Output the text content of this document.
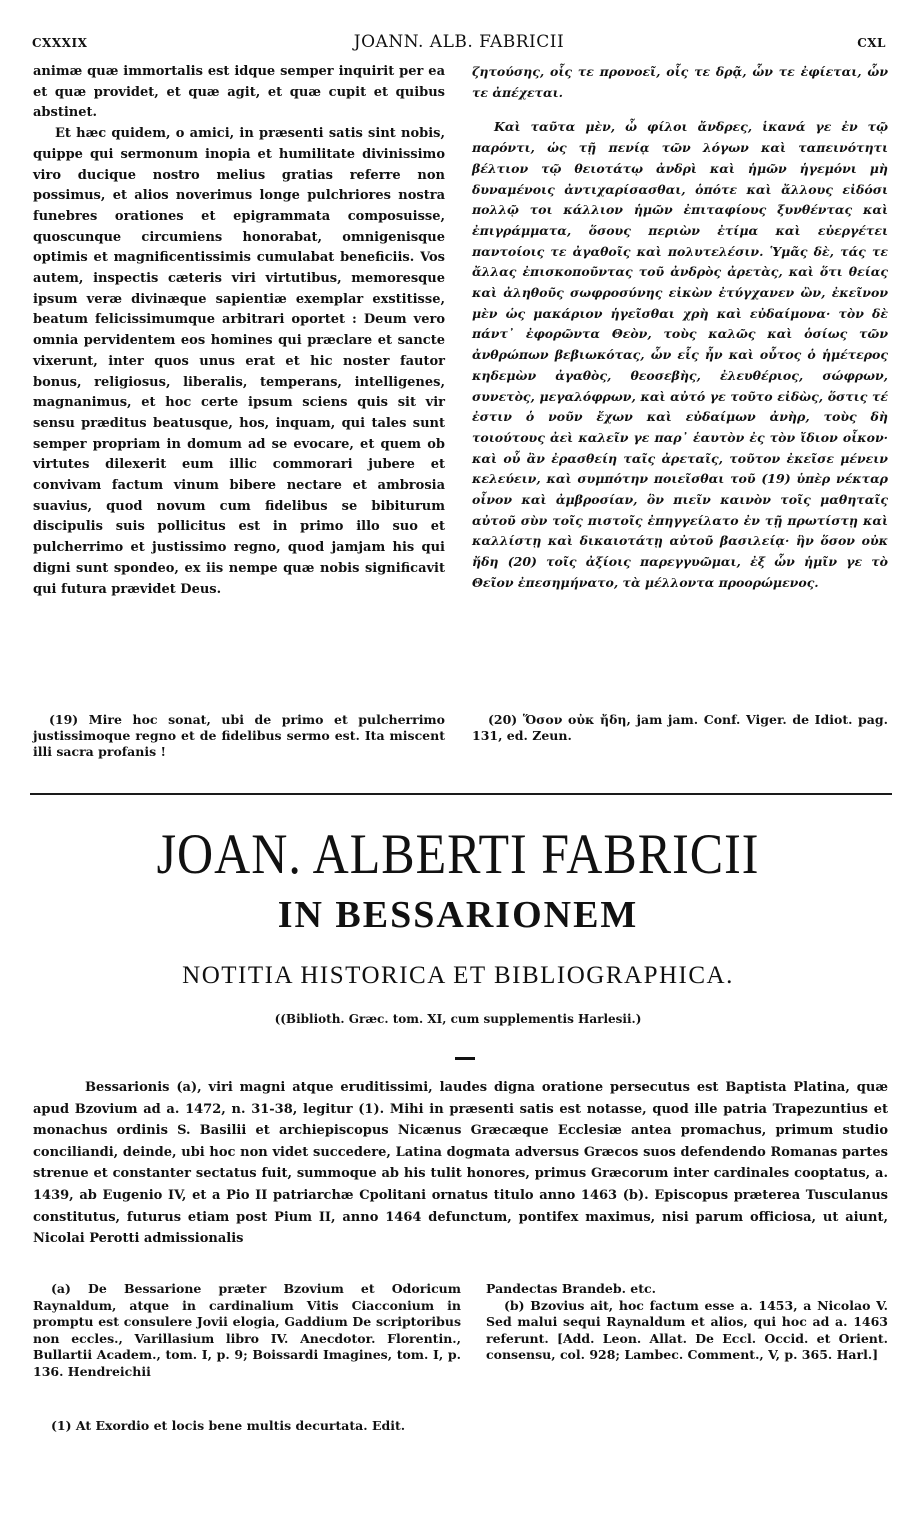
CXXXIX	JOANN. ALB. FABRICII	CXL

animæ quæ immortalis est idque semper inquirit per ea et quæ providet, et quæ agit, et quæ cupit et quibus abstinet.

Et hæc quidem, o amici, in præsenti satis sint nobis, quippe qui sermonum inopia et humilitate divinissimo viro ducique nostro melius gratias referre non possimus, et alios noverimus longe pulchriores nostra funebres orationes et epigrammata composuisse, quoscunque circumiens honorabat, omnigenisque optimis et magnificentissimis cumulabat beneficiis. Vos autem, inspectis cæteris viri virtutibus, memoresque ipsum veræ divinæque sapientiæ exemplar exstitisse, beatum felicissimumque arbitrari oportet : Deum vero omnia pervidentem eos homines qui præclare et sancte vixerunt, inter quos unus erat et hic noster fautor bonus, religiosus, liberalis, temperans, intelligenes, magnanimus, et hoc certe ipsum sciens quis sit vir sensu præditus beatusque, hos, inquam, qui tales sunt semper propriam in domum ad se evocare, et quem ob virtutes dilexerit eum illic commorari jubere et convivam factum vinum bibere nectare et ambrosia suavius, quod novum cum fidelibus se bibiturum discipulis suis pollicitus est in primo illo suo et pulcherrimo et justissimo regno, quod jamjam his qui digni sunt spondeo, ex iis nempe quæ nobis significavit qui futura prævidet Deus.

ζητούσης, οἷς τε προνοεῖ, οἷς τε δρᾷ, ὧν τε ἐφίεται, ὧν τε ἀπέχεται.

Καὶ ταῦτα μὲν, ὦ φίλοι ἄνδρες, ἱκανά γε ἐν τῷ παρόντι, ὡς τῇ πενίᾳ τῶν λόγων καὶ ταπεινότητι βέλτιον τῷ θειοτάτῳ ἀνδρὶ καὶ ἡμῶν ἡγεμόνι μὴ δυναμένοις ἀντιχαρίσασθαι, ὁπότε καὶ ἄλλους εἰδόσι πολλῷ τοι κάλλιον ἡμῶν ἐπιταφίους ξυνθέντας καὶ ἐπιγράμματα, ὅσους περιὼν ἐτίμα καὶ εὐεργέτει παντοίοις τε ἀγαθοῖς καὶ πολυτελέσιν. Ὑμᾶς δὲ, τάς τε ἄλλας ἐπισκοποῦντας τοῦ ἀνδρὸς ἀρετὰς, καὶ ὅτι θείας καὶ ἀληθοῦς σωφροσύνης εἰκὼν ἐτύγχανεν ὢν, ἐκεῖνον μὲν ὡς μακάριον ἡγεῖσθαι χρὴ καὶ εὐδαίμονα· τὸν δὲ πάντ᾽ ἐφορῶντα Θεὸν, τοὺς καλῶς καὶ ὁσίως τῶν ἀνθρώπων βεβιωκότας, ὧν εἷς ἦν καὶ οὗτος ὁ ἡμέτερος κηδεμὼν ἀγαθὸς, θεοσεβὴς, ἐλευθέριος, σώφρων, συνετὸς, μεγαλόφρων, καὶ αὐτό γε τοῦτο εἰδὼς, ὅστις τέ ἐστιν ὁ νοῦν ἔχων καὶ εὐδαίμων ἀνὴρ, τοὺς δὴ τοιούτους ἀεὶ καλεῖν γε παρ᾽ ἑαυτὸν ἐς τὸν ἴδιον οἶκον· καὶ οὗ ἂν ἐρασθείη ταῖς ἀρεταῖς, τοῦτον ἐκεῖσε μένειν κελεύειν, καὶ συμπότην ποιεῖσθαι τοῦ (19) ὑπὲρ νέκταρ οἶνον καὶ ἀμβροσίαν, ὃν πιεῖν καινὸν τοῖς μαθηταῖς αὐτοῦ σὺν τοῖς πιστοῖς ἐπηγγείλατο ἐν τῇ πρωτίστῃ καὶ καλλίστῃ καὶ δικαιοτάτῃ αὐτοῦ βασιλείᾳ· ἣν ὅσον οὐκ ἤδη (20) τοῖς ἀξίοις παρεγγυῶμαι, ἐξ ὧν ἡμῖν γε τὸ Θεῖον ἐπεσημήνατο, τὰ μέλλοντα προορώμενος.

(19) Mire hoc sonat, ubi de primo et pulcherrimo justissimoque regno et de fidelibus sermo est. Ita miscent illi sacra profanis !

(20) Ὅσον οὐκ ἤδη, jam jam. Conf. Viger. de Idiot. pag. 131, ed. Zeun.

JOAN. ALBERTI FABRICII
IN BESSARIONEM
NOTITIA HISTORICA ET BIBLIOGRAPHICA.
((Biblioth. Græc. tom. XI, cum supplementis Harlesii.)

Bessarionis (a), viri magni atque eruditissimi, laudes digna oratione persecutus est Baptista Platina, quæ apud Bzovium ad a. 1472, n. 31-38, legitur (1). Mihi in præsenti satis est notasse, quod ille patria Trapezuntius et monachus ordinis S. Basilii et archiepiscopus Nicænus Græcæque Ecclesiæ antea promachus, primum studio conciliandi, deinde, ubi hoc non videt succedere, Latina dogmata adversus Græcos suos defendendo Romanas partes strenue et constanter sectatus fuit, summoque ab his tulit honores, primus Græcorum inter cardinales cooptatus, a. 1439, ab Eugenio IV, et a Pio II patriarchæ Cpolitani ornatus titulo anno 1463 (b). Episcopus præterea Tusculanus constitutus, futurus etiam post Pium II, anno 1464 defunctum, pontifex maximus, nisi parum officiosa, ut aiunt, Nicolai Perotti admissionalis

(a) De Bessarione præter Bzovium et Odoricum Raynaldum, atque in cardinalium Vitis Ciacconium in promptu est consulere Jovii elogia, Gaddium De scriptoribus non eccles., Varillasium libro IV. Anecdotor. Florentin., Bullartii Academ., tom. I, p. 9; Boissardi Imagines, tom. I, p. 136. Hendreichii

Pandectas Brandeb. etc.

(b) Bzovius ait, hoc factum esse a. 1453, a Nicolao V. Sed malui sequi Raynaldum et alios, qui hoc ad a. 1463 referunt. [Add. Leon. Allat. De Eccl. Occid. et Orient. consensu, col. 928; Lambec. Comment., V, p. 365. Harl.]

(1) At Exordio et locis bene multis decurtata. Edit.
